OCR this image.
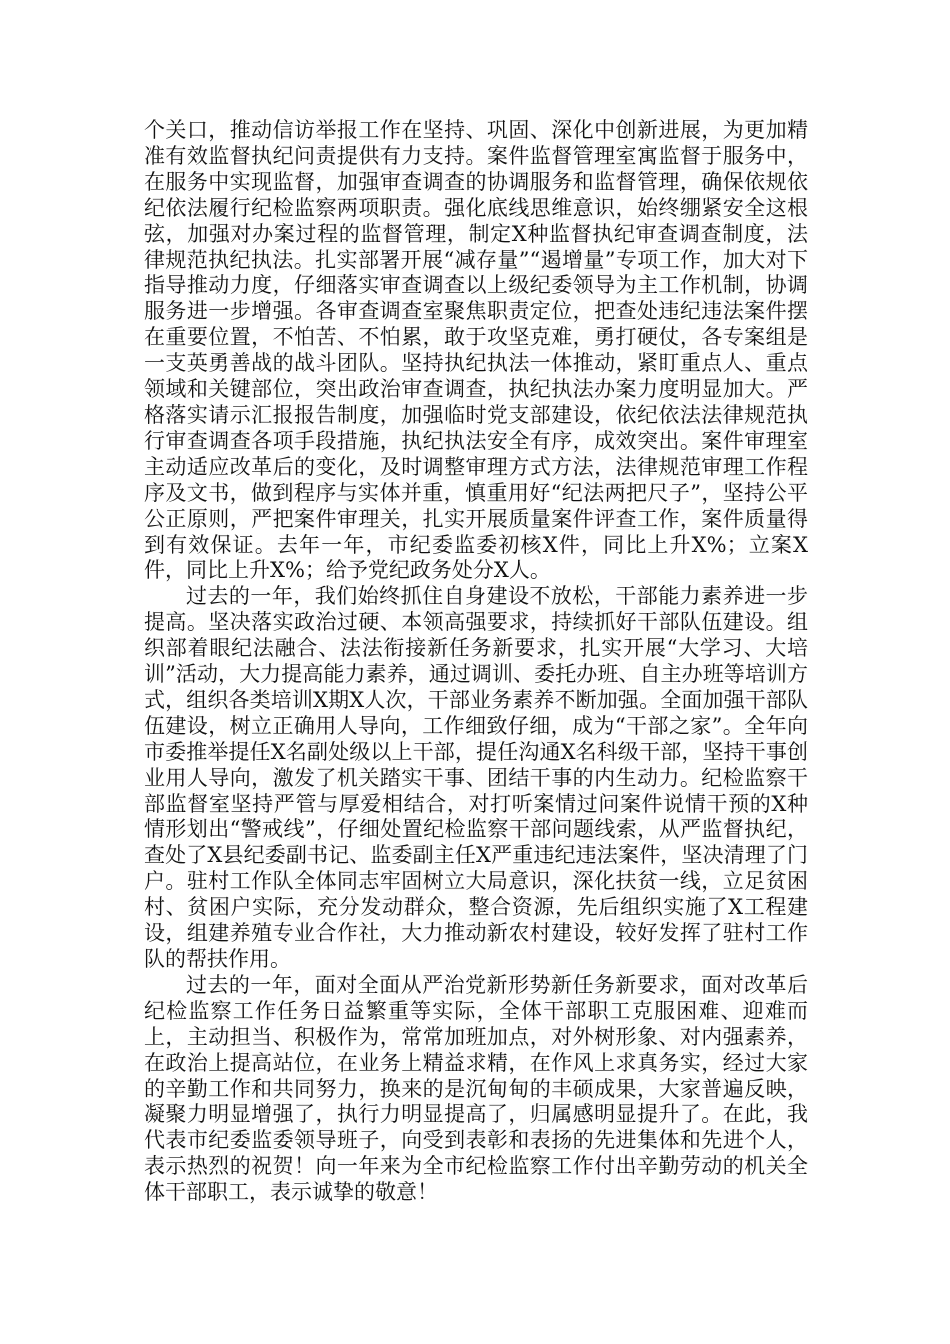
个关口，推动信访举报工作在坚持、巩固、深化中创新进展，为更加精准有效监督执纪问责提供有力支持。案件监督管理室寓监督于服务中，在服务中实现监督，加强审查调查的协调服务和监督管理，确保依规依纪依法履行纪检监察两项职责。强化底线思维意识，始终绷紧安全这根弦，加强对办案过程的监督管理，制定X种监督执纪审查调查制度，法律规范执纪执法。扎实部署开展“减存量”“遏增量”专项工作，加大对下指导推动力度，仔细落实审查调查以上级纪委领导为主工作机制，协调服务进一步增强。各审查调查室聚焦职责定位，把查处违纪违法案件摆在重要位置，不怕苦、不怕累，敢于攻坚克难，勇打硬仗，各专案组是一支英勇善战的战斗团队。坚持执纪执法一体推动，紧盯重点人、重点领域和关键部位，突出政治审查调查，执纪执法办案力度明显加大。严格落实请示汇报报告制度，加强临时党支部建设，依纪依法法律规范执行审查调查各项手段措施，执纪执法安全有序，成效突出。案件审理室主动适应改革后的变化，及时调整审理方式方法，法律规范审理工作程序及文书，做到程序与实体并重，慎重用好“纪法两把尺子”，坚持公平公正原则，严把案件审理关，扎实开展质量案件评查工作，案件质量得到有效保证。去年一年，市纪委监委初核X件，同比上升X%；立案X件，同比上升X%；给予党纪政务处分X人。

过去的一年，我们始终抓住自身建设不放松，干部能力素养进一步提高。坚决落实政治过硬、本领高强要求，持续抓好干部队伍建设。组织部着眼纪法融合、法法衔接新任务新要求，扎实开展“大学习、大培训”活动，大力提高能力素养，通过调训、委托办班、自主办班等培训方式，组织各类培训X期X人次，干部业务素养不断加强。全面加强干部队伍建设，树立正确用人导向，工作细致仔细，成为“干部之家”。全年向市委推举提任X名副处级以上干部，提任沟通X名科级干部，坚持干事创业用人导向，激发了机关踏实干事、团结干事的内生动力。纪检监察干部监督室坚持严管与厚爱相结合，对打听案情过问案件说情干预的X种情形划出“警戒线”，仔细处置纪检监察干部问题线索，从严监督执纪，查处了X县纪委副书记、监委副主任X严重违纪违法案件，坚决清理了门户。驻村工作队全体同志牢固树立大局意识，深化扶贫一线，立足贫困村、贫困户实际，充分发动群众，整合资源，先后组织实施了X工程建设，组建养殖专业合作社，大力推动新农村建设，较好发挥了驻村工作队的帮扶作用。

过去的一年，面对全面从严治党新形势新任务新要求，面对改革后纪检监察工作任务日益繁重等实际，全体干部职工克服困难、迎难而上，主动担当、积极作为，常常加班加点，对外树形象、对内强素养，在政治上提高站位，在业务上精益求精，在作风上求真务实，经过大家的辛勤工作和共同努力，换来的是沉甸甸的丰硕成果，大家普遍反映，凝聚力明显增强了，执行力明显提高了，归属感明显提升了。在此，我代表市纪委监委领导班子，向受到表彰和表扬的先进集体和先进个人，表示热烈的祝贺！向一年来为全市纪检监察工作付出辛勤劳动的机关全体干部职工，表示诚挚的敬意！
